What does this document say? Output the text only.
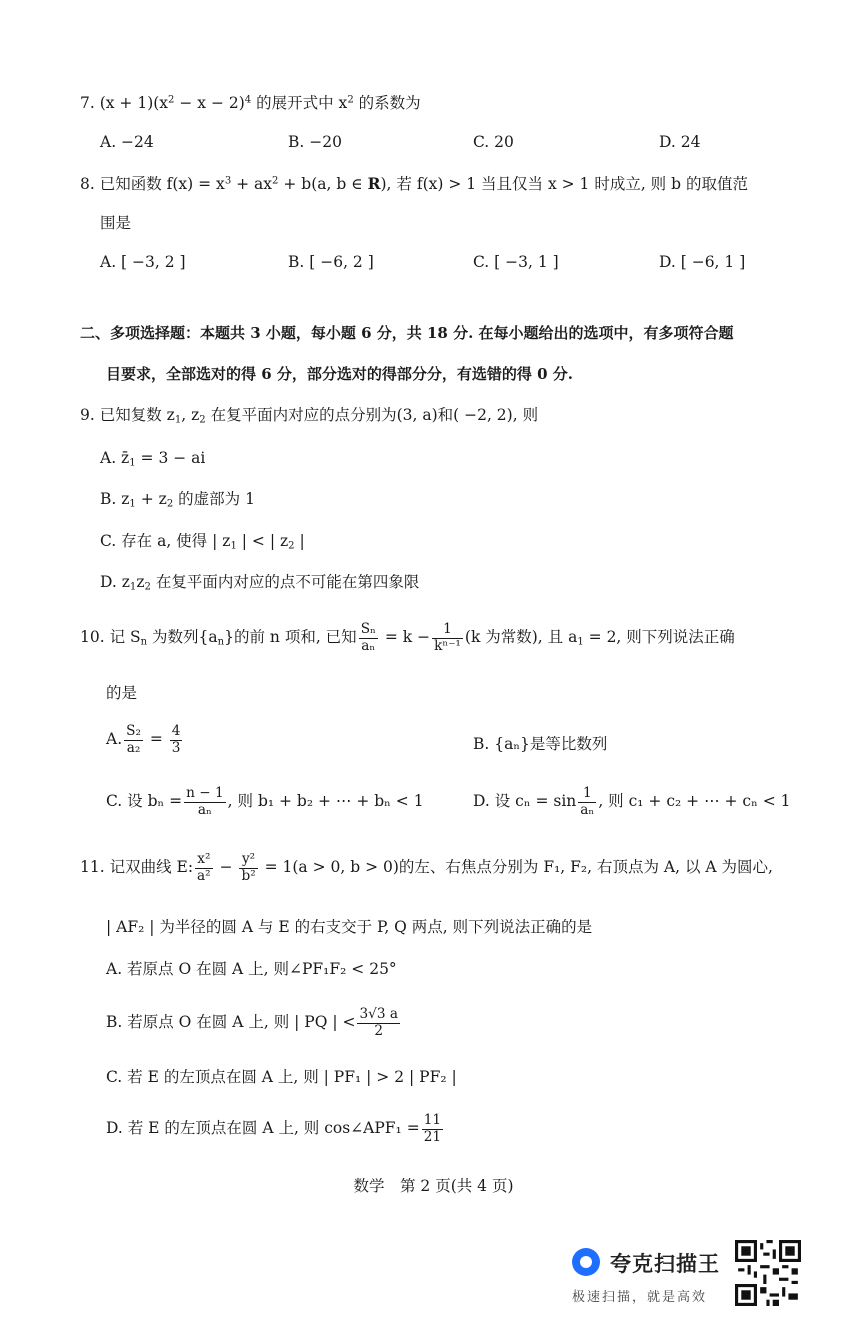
7. $(x + 1)(x^2 - x - 2)^4$ 的展开式中 $x^2$ 的系数为
A. −24	B. −20	C. 20	D. 24
8. 已知函数 $f(x) = x^3 + ax^2 + b(a$, b ∈ R), 若 f(x) > 1 当且仅当 x > 1 时成立, 则 b 的取值范
围是
A. [ −3, 2 ]	B. [ −6, 2 ]	C. [ −3, 1 ]	D. [ −6, 1 ]
二、多项选择题：本题共 3 小题，每小题 6 分，共 18 分. 在每小题给出的选项中，有多项符合题
目要求，全部选对的得 6 分，部分选对的得部分分，有选错的得 0 分.
9. 已知复数 $z_1$, $z_2$ 在复平面内对应的点分别为(3, a)和( −2, 2), 则
A. $z̄_1 = 3$ − ai
B. $z_1 + z_2$ 的虚部为 1
C. 存在 a, 使得 | $z_1$ | < | $z_2$ |
D. $z_1z_2$ 在复平面内对应的点不可能在第四象限
10. 记 $S_n$ 为数列$\{a_n\}$的前 n 项和, 已知 $\frac{\text{Sₙ}}{\text{aₙ}} = k - \frac{1}{\text{kⁿ⁻¹}} (k$ 为常数), 且 $a_1 = 2$, 则下列说法正确
的是
A. $\frac{\text{S₂}}{\text{a₂}} = \frac{4}{3}$	B. {aₙ}是等比数列
C. 设 $b_n = \frac{n - 1}{\text{aₙ}}$ , 则 b₁ + b₂ + ⋯ + bₙ < 1	D. 设 $c_n = \sin \frac{1}{\text{aₙ}}$ , 则 c₁ + c₂ + ⋯ + cₙ < 1
11. 记双曲线 E: $\frac{\text{x²}}{\text{a²}} - \frac{\text{y²}}{\text{b²}} = 1(a > 0$, b > 0)的左、右焦点分别为 F₁, F₂, 右顶点为 A, 以 A 为圆心,
| AF₂ | 为半径的圆 A 与 E 的右支交于 P, Q 两点, 则下列说法正确的是
A. 若原点 O 在圆 A 上, 则∠PF₁F₂ < 25°
B. 若原点 O 在圆 A 上, 则 | PQ | < $\frac{3√3 a}{2}$
C. 若 E 的左顶点在圆 A 上, 则 | PF₁ | > 2 | PF₂ |
D. 若 E 的左顶点在圆 A 上, 则 cos∠APF₁ = $\frac{11}{21}$
数学　第 2 页(共 4 页)
夸克扫描王
极速扫描，就是高效
